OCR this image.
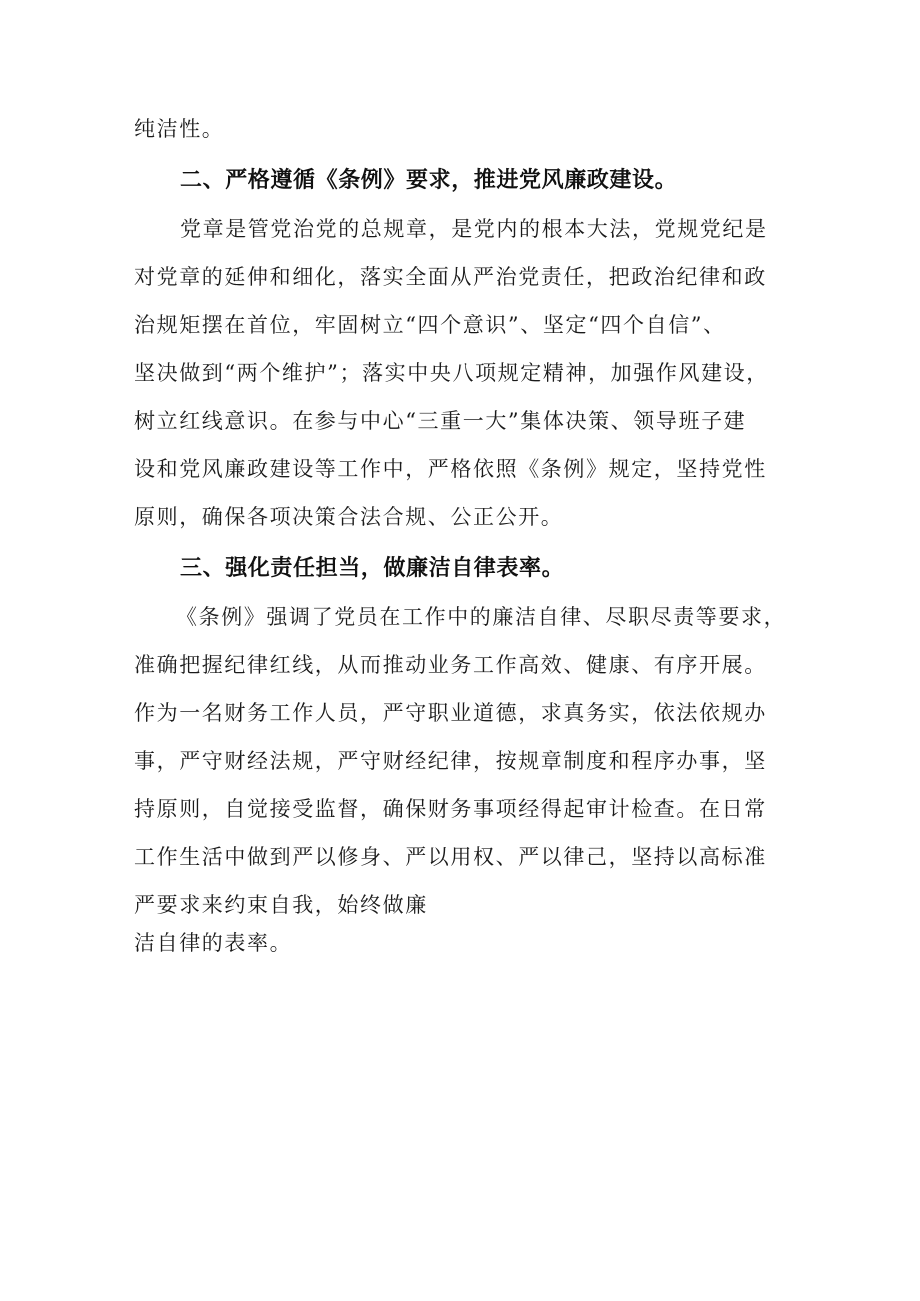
纯洁性。

二、严格遵循《条例》要求，推进党风廉政建设。

党章是管党治党的总规章，是党内的根本大法，党规党纪是

对党章的延伸和细化，落实全面从严治党责任，把政治纪律和政

治规矩摆在首位，牢固树立“四个意识”、坚定“四个自信”、

坚决做到“两个维护”；落实中央八项规定精神，加强作风建设，

树立红线意识。在参与中心“三重一大”集体决策、领导班子建

设和党风廉政建设等工作中，严格依照《条例》规定，坚持党性

原则，确保各项决策合法合规、公正公开。

三、强化责任担当，做廉洁自律表率。

《条例》强调了党员在工作中的廉洁自律、尽职尽责等要求，

准确把握纪律红线，从而推动业务工作高效、健康、有序开展。

作为一名财务工作人员，严守职业道德，求真务实，依法依规办

事，严守财经法规，严守财经纪律，按规章制度和程序办事，坚

持原则，自觉接受监督，确保财务事项经得起审计检查。在日常

工作生活中做到严以修身、严以用权、严以律己，坚持以高标准

严要求来约束自我，始终做廉

洁自律的表率。
